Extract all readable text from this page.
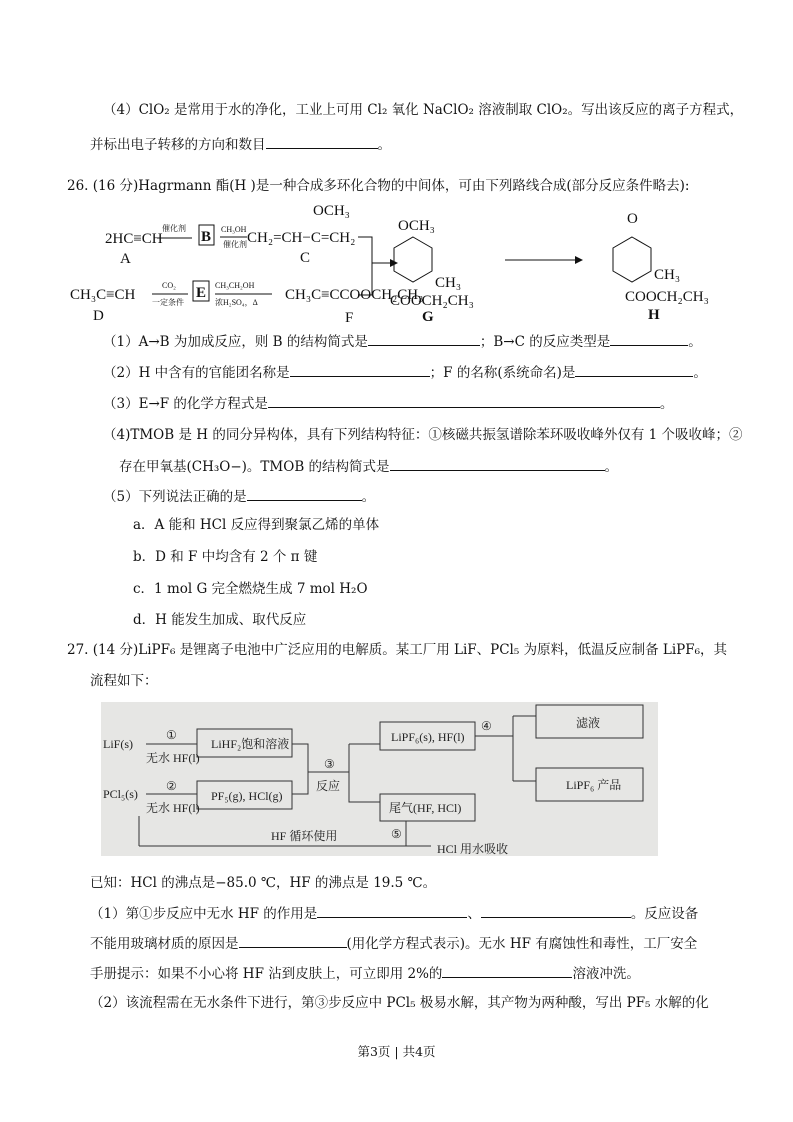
（4）ClO₂ 是常用于水的净化，工业上可用 Cl₂ 氧化 NaClO₂ 溶液制取 ClO₂。写出该反应的离子方程式，
并标出电子转移的方向和数目	。
26. (16 分)Hagrmann 酯(H )是一种合成多环化合物的中间体，可由下列路线合成(部分反应条件略去):
2HC≡CH
A
催化剂
B CH₃OH
催化剂 CH₂=CH−C=CH₂
OCH₃
C
CH₃C≡CH
D
CO₂
一定条件
E CH₃CH₂OH
浓H₂SO₄，Δ CH₃C≡CCOOCH₂CH₃
F
OCH₃
CH₃
COOCH₂CH₃
G
O
CH₃
COOCH₂CH₃
H
（1）A→B 为加成反应，则 B 的结构简式是	；B→C 的反应类型是	。
（2）H 中含有的官能团名称是	；F 的名称(系统命名)是	。
（3）E→F 的化学方程式是	。
（4)TMOB 是 H 的同分异构体，具有下列结构特征：①核磁共振氢谱除苯环吸收峰外仅有 1 个吸收峰；②
存在甲氧基(CH₃O−)。TMOB 的结构简式是	。
（5）下列说法正确的是	。
a．A 能和 HCl 反应得到聚氯乙烯的单体
b．D 和 F 中均含有 2 个 π 键
c．1 mol G 完全燃烧生成 7 mol H₂O
d．H 能发生加成、取代反应
27. (14 分)LiPF₆ 是锂离子电池中广泛应用的电解质。某工厂用 LiF、PCl₅ 为原料，低温反应制备 LiPF₆，其
流程如下：
LiF(s)
①
无水 HF(l)
LiHF₂饱和溶液
PCl₅(s)
②
无水 HF(l)
PF₅(g), HCl(g)
③
反应
LiPF₆(s), HF(l)
尾气(HF, HCl)
④	滤液
LiPF₆ 产品
⑤
HF 循环使用
HCl 用水吸收
已知：HCl 的沸点是−85.0 ℃，HF 的沸点是 19.5 ℃。
（1）第①步反应中无水 HF 的作用是	、	。反应设备
不能用玻璃材质的原因是	(用化学方程式表示)。无水 HF 有腐蚀性和毒性，工厂安全
手册提示：如果不小心将 HF 沾到皮肤上，可立即用 2%的	溶液冲洗。
（2）该流程需在无水条件下进行，第③步反应中 PCl₅ 极易水解，其产物为两种酸，写出 PF₅ 水解的化
第3页 | 共4页
